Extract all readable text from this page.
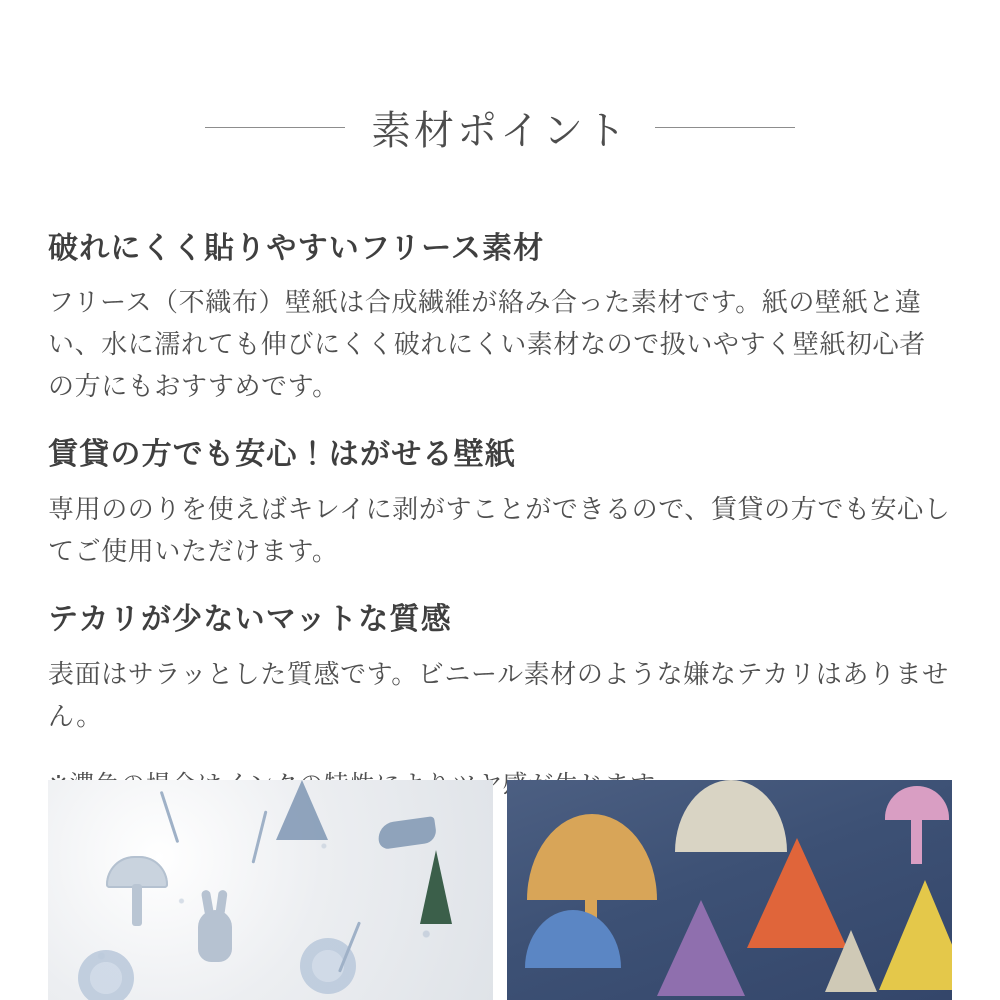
素材ポイント
破れにくく貼りやすいフリース素材

フリース（不織布）壁紙は合成繊維が絡み合った素材です。紙の壁紙と違い、水に濡れても伸びにくく破れにくい素材なので扱いやすく壁紙初心者の方にもおすすめです。

賃貸の方でも安心！はがせる壁紙

専用ののりを使えばキレイに剥がすことができるので、賃貸の方でも安心してご使用いただけます。

テカリが少ないマットな質感

表面はサラッとした質感です。ビニール素材のような嫌なテカリはありません。
